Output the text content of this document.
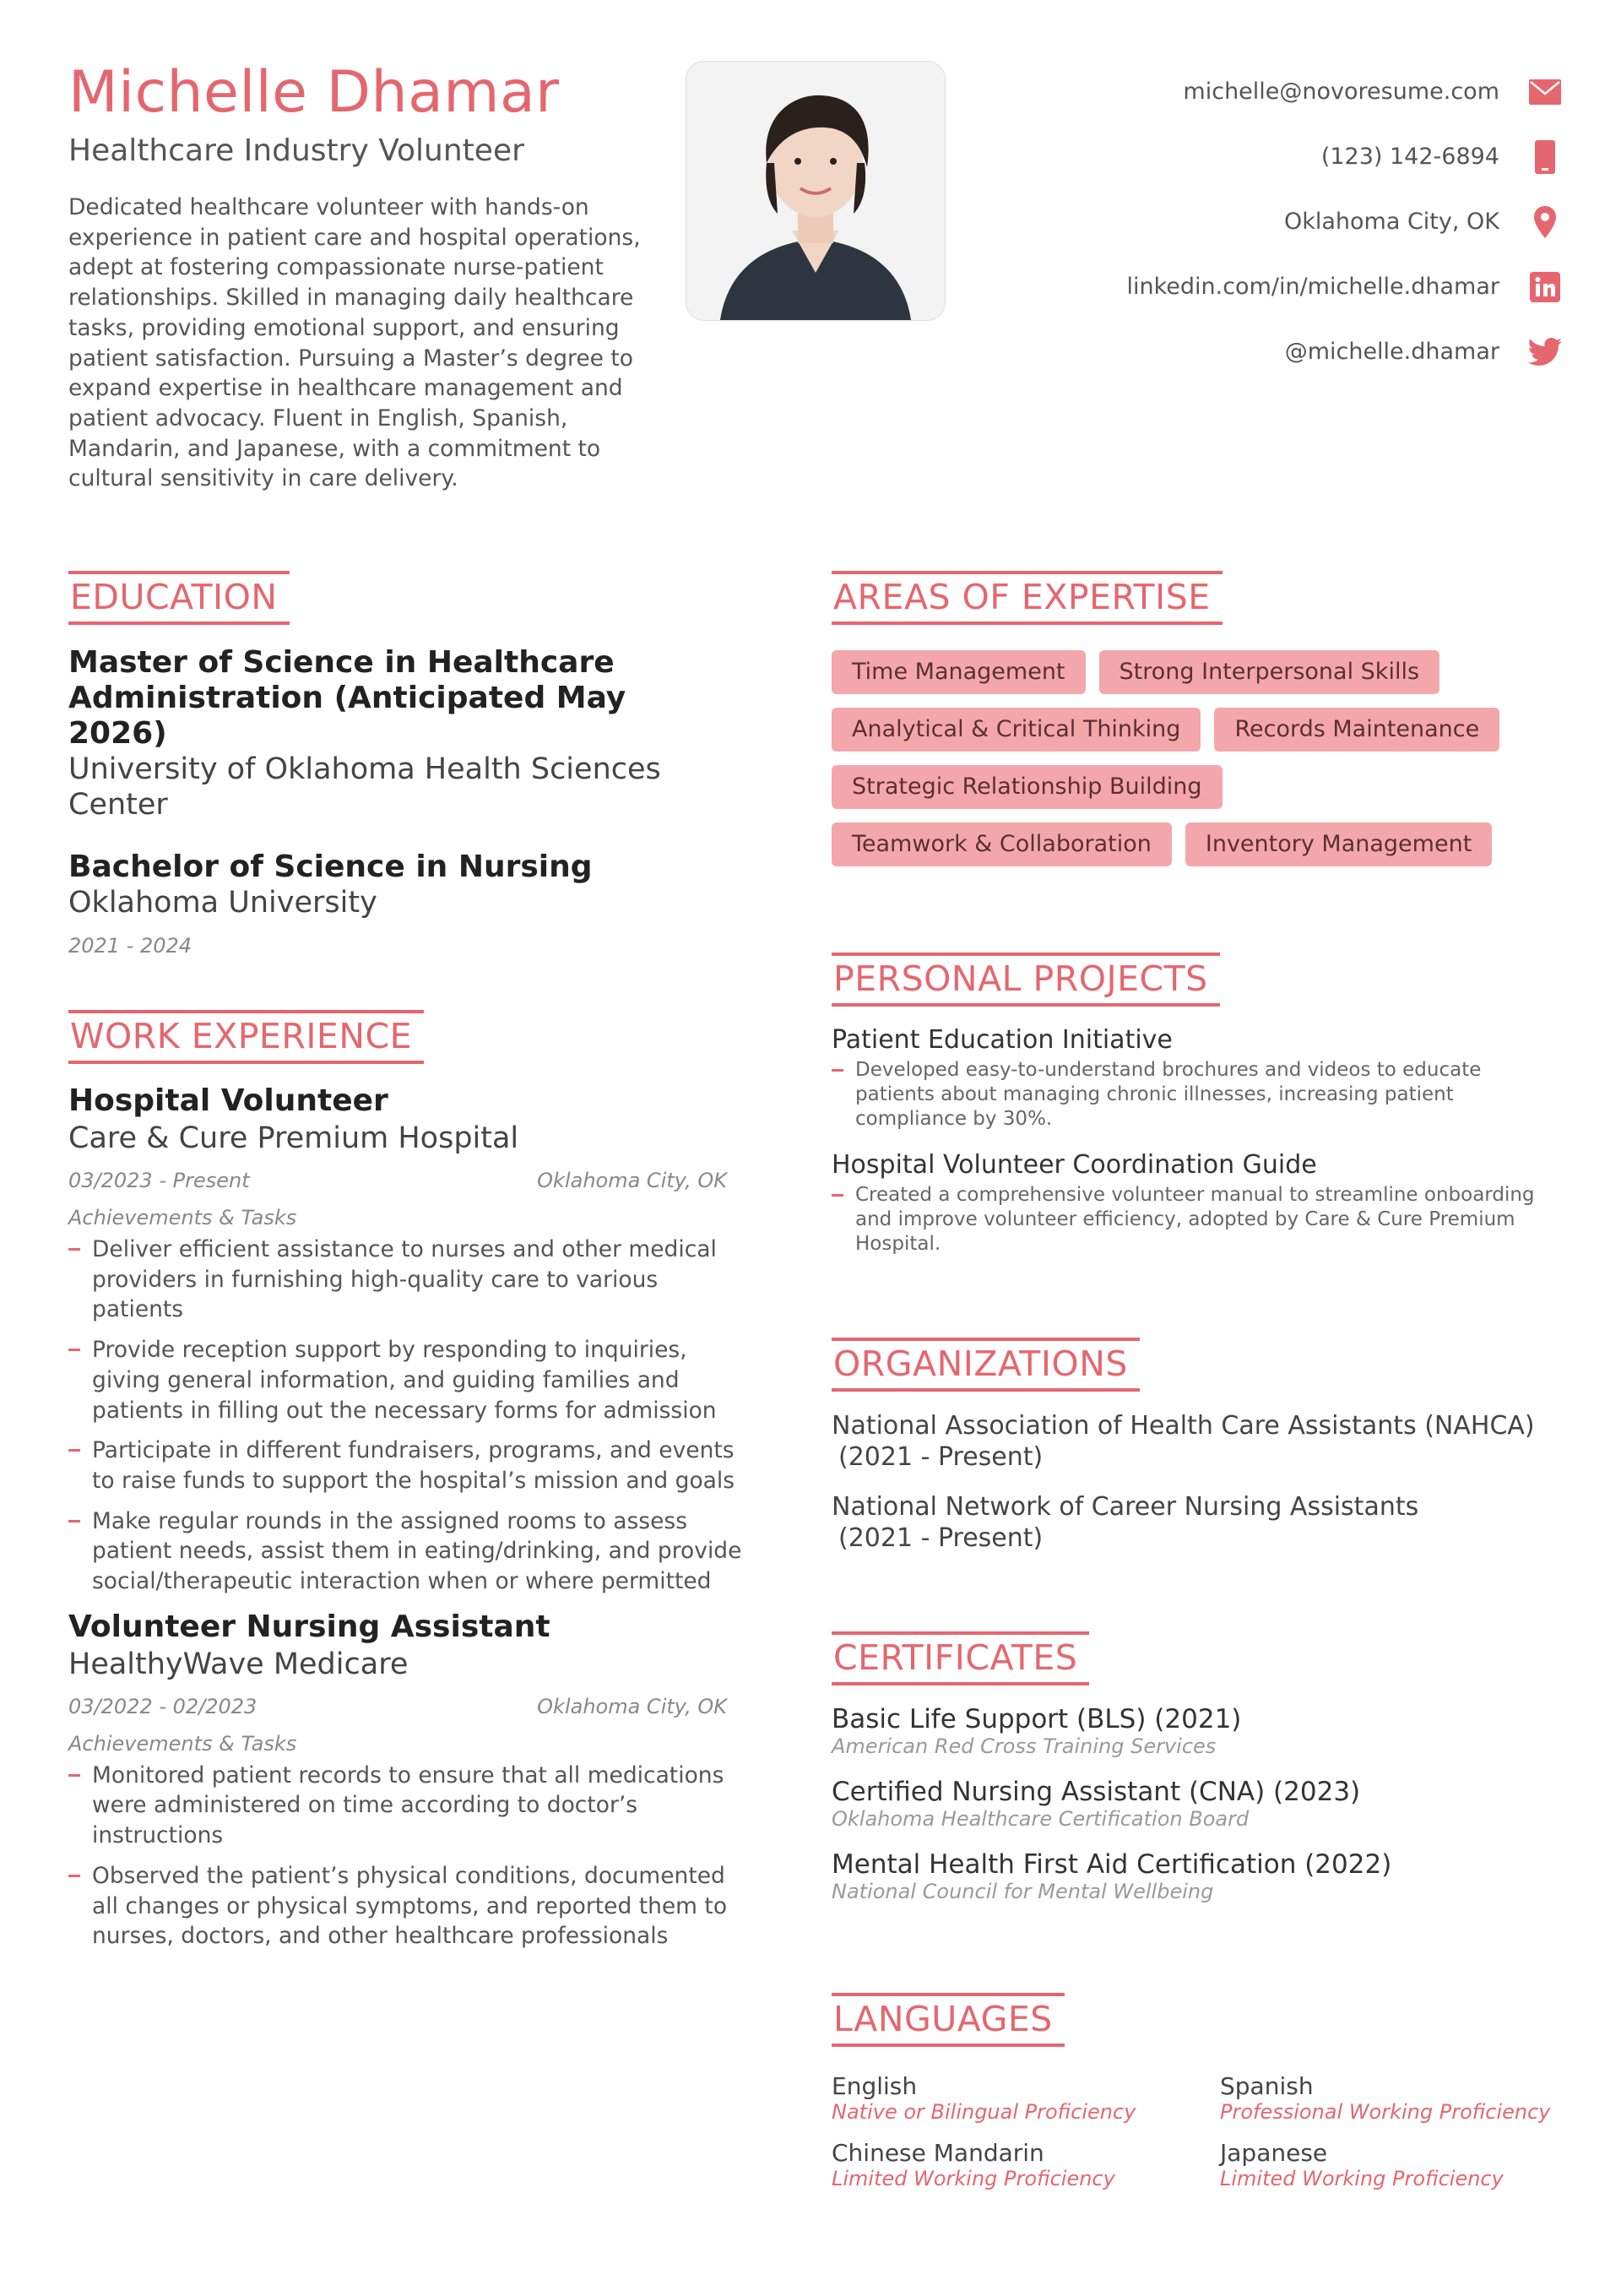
Michelle Dhamar
Healthcare Industry Volunteer
Dedicated healthcare volunteer with hands-on experience in patient care and hospital operations, adept at fostering compassionate nurse-patient relationships. Skilled in managing daily healthcare tasks, providing emotional support, and ensuring patient satisfaction. Pursuing a Master’s degree to expand expertise in healthcare management and patient advocacy. Fluent in English, Spanish, Mandarin, and Japanese, with a commitment to cultural sensitivity in care delivery.
michelle@novoresume.com
(123) 142-6894
Oklahoma City, OK
linkedin.com/in/michelle.dhamar
@michelle.dhamar
EDUCATION
Master of Science in Healthcare Administration (Anticipated May 2026)
University of Oklahoma Health Sciences Center
Bachelor of Science in Nursing
Oklahoma University
2021 - 2024
WORK EXPERIENCE
Hospital Volunteer
Care & Cure Premium Hospital
03/2023 - Present	Oklahoma City, OK
Achievements & Tasks
Deliver efficient assistance to nurses and other medical providers in furnishing high-quality care to various patients
Provide reception support by responding to inquiries, giving general information, and guiding families and patients in filling out the necessary forms for admission
Participate in different fundraisers, programs, and events to raise funds to support the hospital’s mission and goals
Make regular rounds in the assigned rooms to assess patient needs, assist them in eating/drinking, and provide social/therapeutic interaction when or where permitted
Volunteer Nursing Assistant
HealthyWave Medicare
03/2022 - 02/2023	Oklahoma City, OK
Achievements & Tasks
Monitored patient records to ensure that all medications were administered on time according to doctor’s instructions
Observed the patient’s physical conditions, documented all changes or physical symptoms, and reported them to nurses, doctors, and other healthcare professionals
AREAS OF EXPERTISE
Time Management	Strong Interpersonal Skills
Analytical & Critical Thinking	Records Maintenance
Strategic Relationship Building
Teamwork & Collaboration	Inventory Management
PERSONAL PROJECTS
Patient Education Initiative
Developed easy-to-understand brochures and videos to educate patients about managing chronic illnesses, increasing patient compliance by 30%.
Hospital Volunteer Coordination Guide
Created a comprehensive volunteer manual to streamline onboarding and improve volunteer efficiency, adopted by Care & Cure Premium Hospital.
ORGANIZATIONS
National Association of Health Care Assistants (NAHCA)
(2021 - Present)
National Network of Career Nursing Assistants
(2021 - Present)
CERTIFICATES
Basic Life Support (BLS) (2021)
American Red Cross Training Services
Certified Nursing Assistant (CNA) (2023)
Oklahoma Healthcare Certification Board
Mental Health First Aid Certification (2022)
National Council for Mental Wellbeing
LANGUAGES
English
Native or Bilingual Proficiency
Spanish
Professional Working Proficiency
Chinese Mandarin
Limited Working Proficiency
Japanese
Limited Working Proficiency
